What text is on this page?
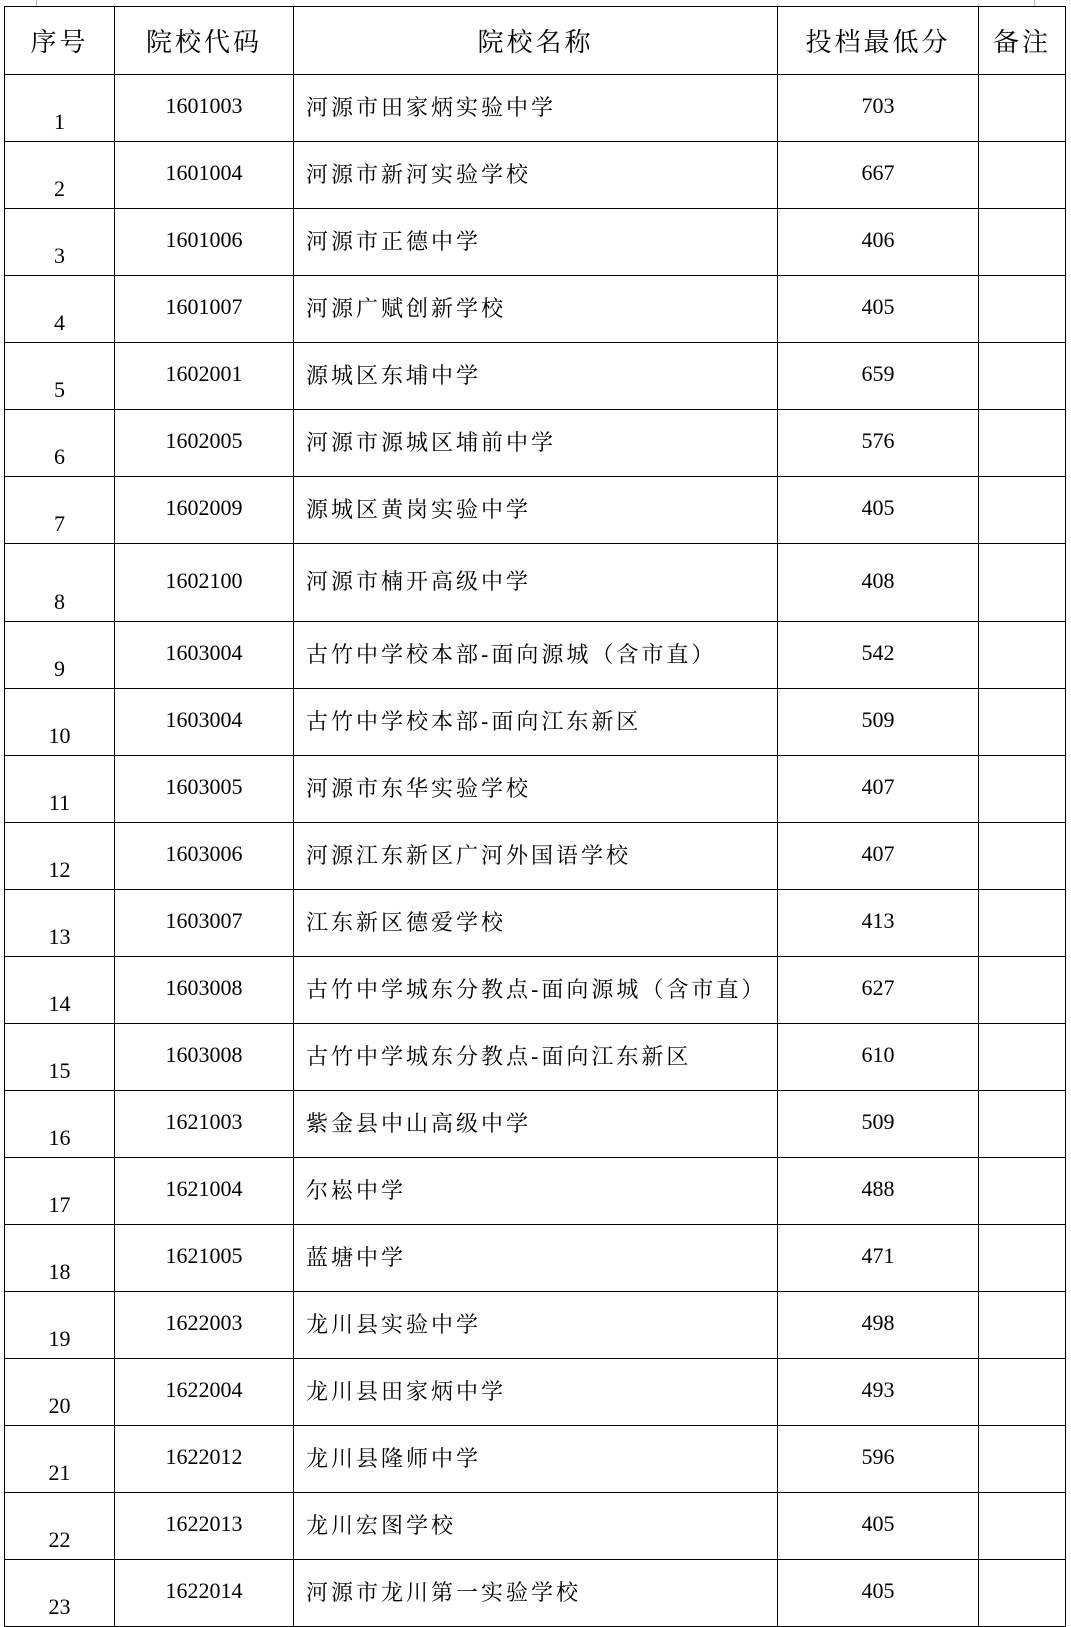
序号	院校代码	院校名称	投档最低分	备注
1	1601003	河源市田家炳实验中学	703	
2	1601004	河源市新河实验学校	667	
3	1601006	河源市正德中学	406	
4	1601007	河源广赋创新学校	405	
5	1602001	源城区东埔中学	659	
6	1602005	河源市源城区埔前中学	576	
7	1602009	源城区黄岗实验中学	405	
8	1602100	河源市楠开高级中学	408	
9	1603004	古竹中学校本部-面向源城（含市直）	542	
10	1603004	古竹中学校本部-面向江东新区	509	
11	1603005	河源市东华实验学校	407	
12	1603006	河源江东新区广河外国语学校	407	
13	1603007	江东新区德爱学校	413	
14	1603008	古竹中学城东分教点-面向源城（含市直）	627	
15	1603008	古竹中学城东分教点-面向江东新区	610	
16	1621003	紫金县中山高级中学	509	
17	1621004	尔崧中学	488	
18	1621005	蓝塘中学	471	
19	1622003	龙川县实验中学	498	
20	1622004	龙川县田家炳中学	493	
21	1622012	龙川县隆师中学	596	
22	1622013	龙川宏图学校	405	
23	1622014	河源市龙川第一实验学校	405	
